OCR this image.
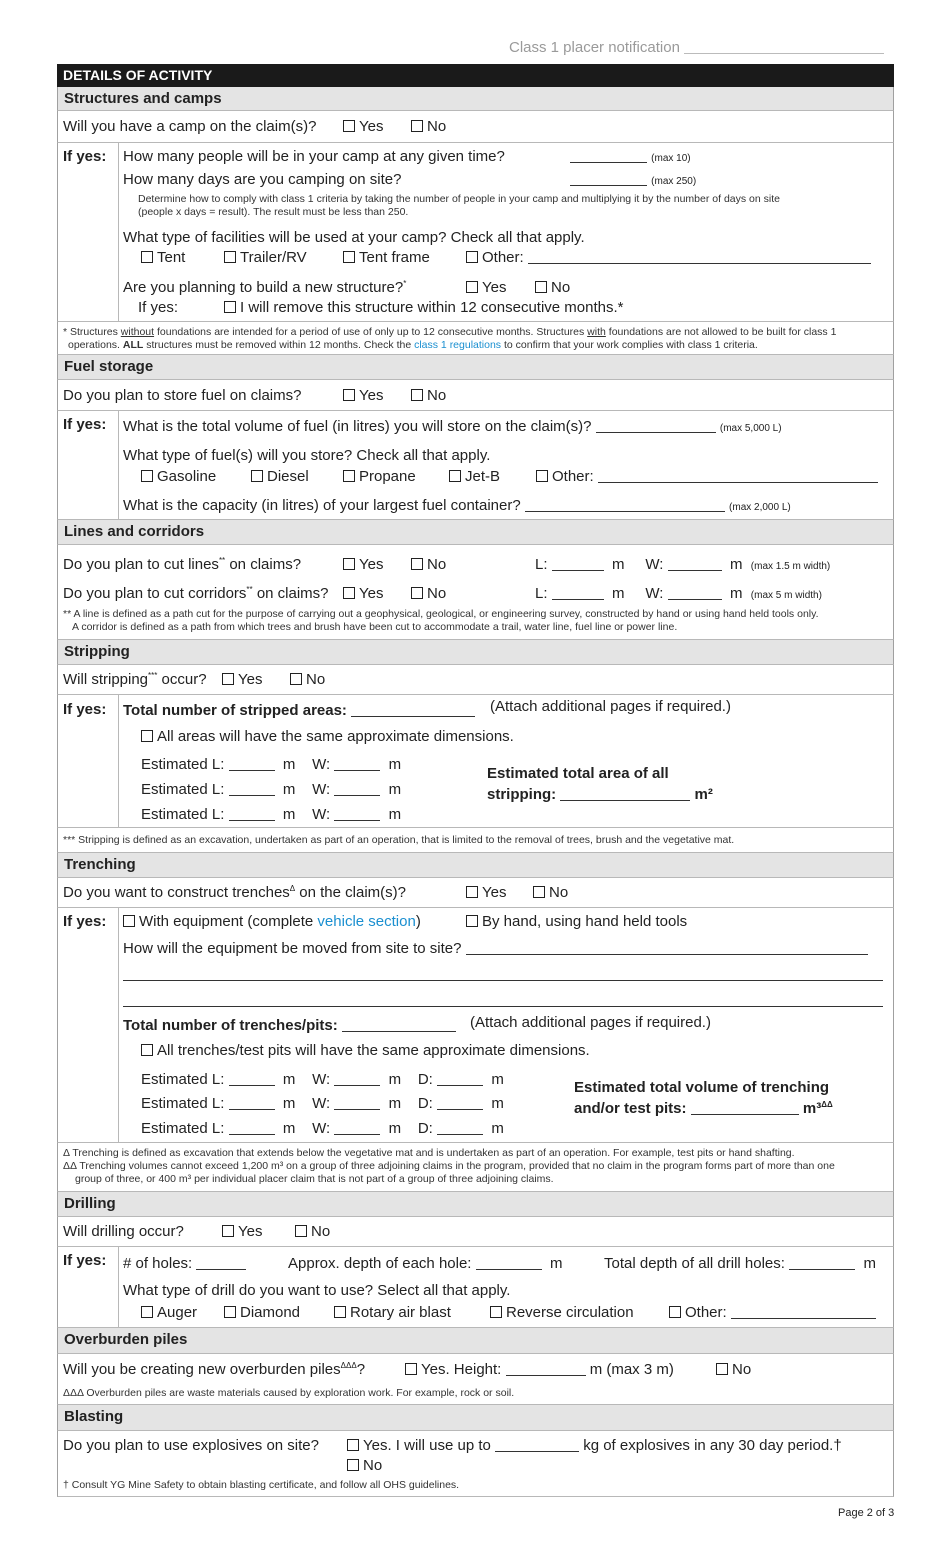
Class 1 placer notification
DETAILS OF ACTIVITY
Structures and camps
Fuel storage
Lines and corridors
Stripping
Trenching
Drilling
Overburden piles
Blasting
Will you have a camp on the claim(s)?	Yes	No
If yes: How many people will be in your camp at any given time?	(max 10)
How many days are you camping on site?	(max 250)
Determine how to comply with class 1 criteria by taking the number of people in your camp and multiplying it by the number of days on site
(people x days = result). The result must be less than 250.
What type of facilities will be used at your camp? Check all that apply.
Tent	Trailer/RV	Tent frame	Other:
Are you planning to build a new structure?*	Yes	No
If yes:	I will remove this structure within 12 consecutive months.*
* Structures without foundations are intended for a period of use of only up to 12 consecutive months. Structures with foundations are not allowed to be built for class 1
operations. ALL structures must be removed within 12 months. Check the class 1 regulations to confirm that your work complies with class 1 criteria.
Do you plan to store fuel on claims?	Yes	No
If yes: What is the total volume of fuel (in litres) you will store on the claim(s)?	(max 5,000 L)
What type of fuel(s) will you store? Check all that apply.
Gasoline	Diesel	Propane	Jet-B	Other:
What is the capacity (in litres) of your largest fuel container?	(max 2,000 L)
Do you plan to cut lines** on claims?	Yes	No	L:	m W:	m (max 1.5 m width)
Do you plan to cut corridors** on claims?	Yes	No	L:	m W:	m (max 5 m width)
** A line is defined as a path cut for the purpose of carrying out a geophysical, geological, or engineering survey, constructed by hand or using hand held tools only.
A corridor is defined as a path from which trees and brush have been cut to accommodate a trail, water line, fuel line or power line.
Will stripping*** occur?	Yes	No
If yes: Total number of stripped areas:	(Attach additional pages if required.)
All areas will have the same approximate dimensions.
Estimated L:	m W:	m
Estimated L:	m W:	m
Estimated L:	m W:	m
Estimated total area of all
stripping:	m²
*** Stripping is defined as an excavation, undertaken as part of an operation, that is limited to the removal of trees, brush and the vegetative mat.
Do you want to construct trenches$^\Delta$ on the claim(s)?	Yes	No
If yes:	With equipment (complete vehicle section)	By hand, using hand held tools
How will the equipment be moved from site to site?
Total number of trenches/pits:	(Attach additional pages if required.)
All trenches/test pits will have the same approximate dimensions.
Estimated L:	m W:	m D:	m
Estimated L:	m W:	m D:	m
Estimated L:	m W:	m D:	m
Estimated total volume of trenching
and/or test pits:	m³$^{\Delta\Delta}$
Δ Trenching is defined as excavation that extends below the vegetative mat and is undertaken as part of an operation. For example, test pits or hand shafting.
ΔΔ Trenching volumes cannot exceed 1,200 m³ on a group of three adjoining claims in the program, provided that no claim in the program forms part of more than one
group of three, or 400 m³ per individual placer claim that is not part of a group of three adjoining claims.
Will drilling occur?	Yes	No
If yes: # of holes:	Approx. depth of each hole:	m	Total depth of all drill holes:	m
What type of drill do you want to use? Select all that apply.
Auger	Diamond	Rotary air blast	Reverse circulation	Other:
Will you be creating new overburden piles$^{\Delta\Delta\Delta}$?	Yes. Height:	m (max 3 m)	No
ΔΔΔ Overburden piles are waste materials caused by exploration work. For example, rock or soil.
Do you plan to use explosives on site?	Yes. I will use up to	kg of explosives in any 30 day period.†
No
† Consult YG Mine Safety to obtain blasting certificate, and follow all OHS guidelines.
Page 2 of 3
